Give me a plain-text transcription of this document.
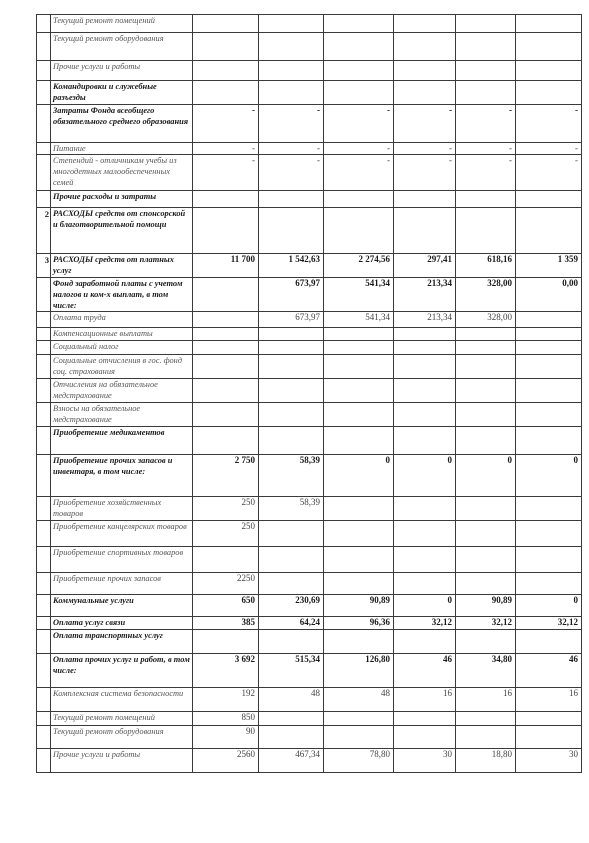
	Текущий ремонт помещений						
	Текущий ремонт оборудования						
	Прочие услуги и работы						
	Командировки и служебные разъезды						
	Затраты Фонда всеобщего обязательного среднего образования	-	-	-	-	-	-
	Питание	-	-	-	-	-	-
	Степендий - отличникам учебы из многодетных малообеспеченных семей	-	-	-	-	-	-
	Прочие расходы и затраты						
2	РАСХОДЫ средств от спонсорской и благотворительной помощи						
3	РАСХОДЫ средств от платных услуг	11 700	1 542,63	2 274,56	297,41	618,16	1 359
	Фонд заработной платы с учетом налогов и ком-х выплат, в том числе:		673,97	541,34	213,34	328,00	0,00
	Оплата труда		673,97	541,34	213,34	328,00	
	Компенсационные выплаты						
	Социальный налог						
	Социальные отчисления в гос. фонд соц. страхования						
	Отчисления на обязательное медстрахование						
	Взносы на обязательное медстрахование						
	Приобретение медикаментов						
	Приобретение прочих запасов и инвентаря, в том числе:	2 750	58,39	0	0	0	0
	Приобретение хозяйственных товаров	250	58,39				
	Приобретение канцелярских товаров	250					
	Приобретение спортивных товаров						
	Приобретение прочих запасов	2250					
	Коммунальные услуги	650	230,69	90,89	0	90,89	0
	Оплата услуг связи	385	64,24	96,36	32,12	32,12	32,12
	Оплата транспортных услуг						
	Оплата прочих услуг и работ, в том числе:	3 692	515,34	126,80	46	34,80	46
	Комплексная система безопасности	192	48	48	16	16	16
	Текущий ремонт помещений	850					
	Текущий ремонт оборудования	90					
	Прочие услуги и работы	2560	467,34	78,80	30	18,80	30
